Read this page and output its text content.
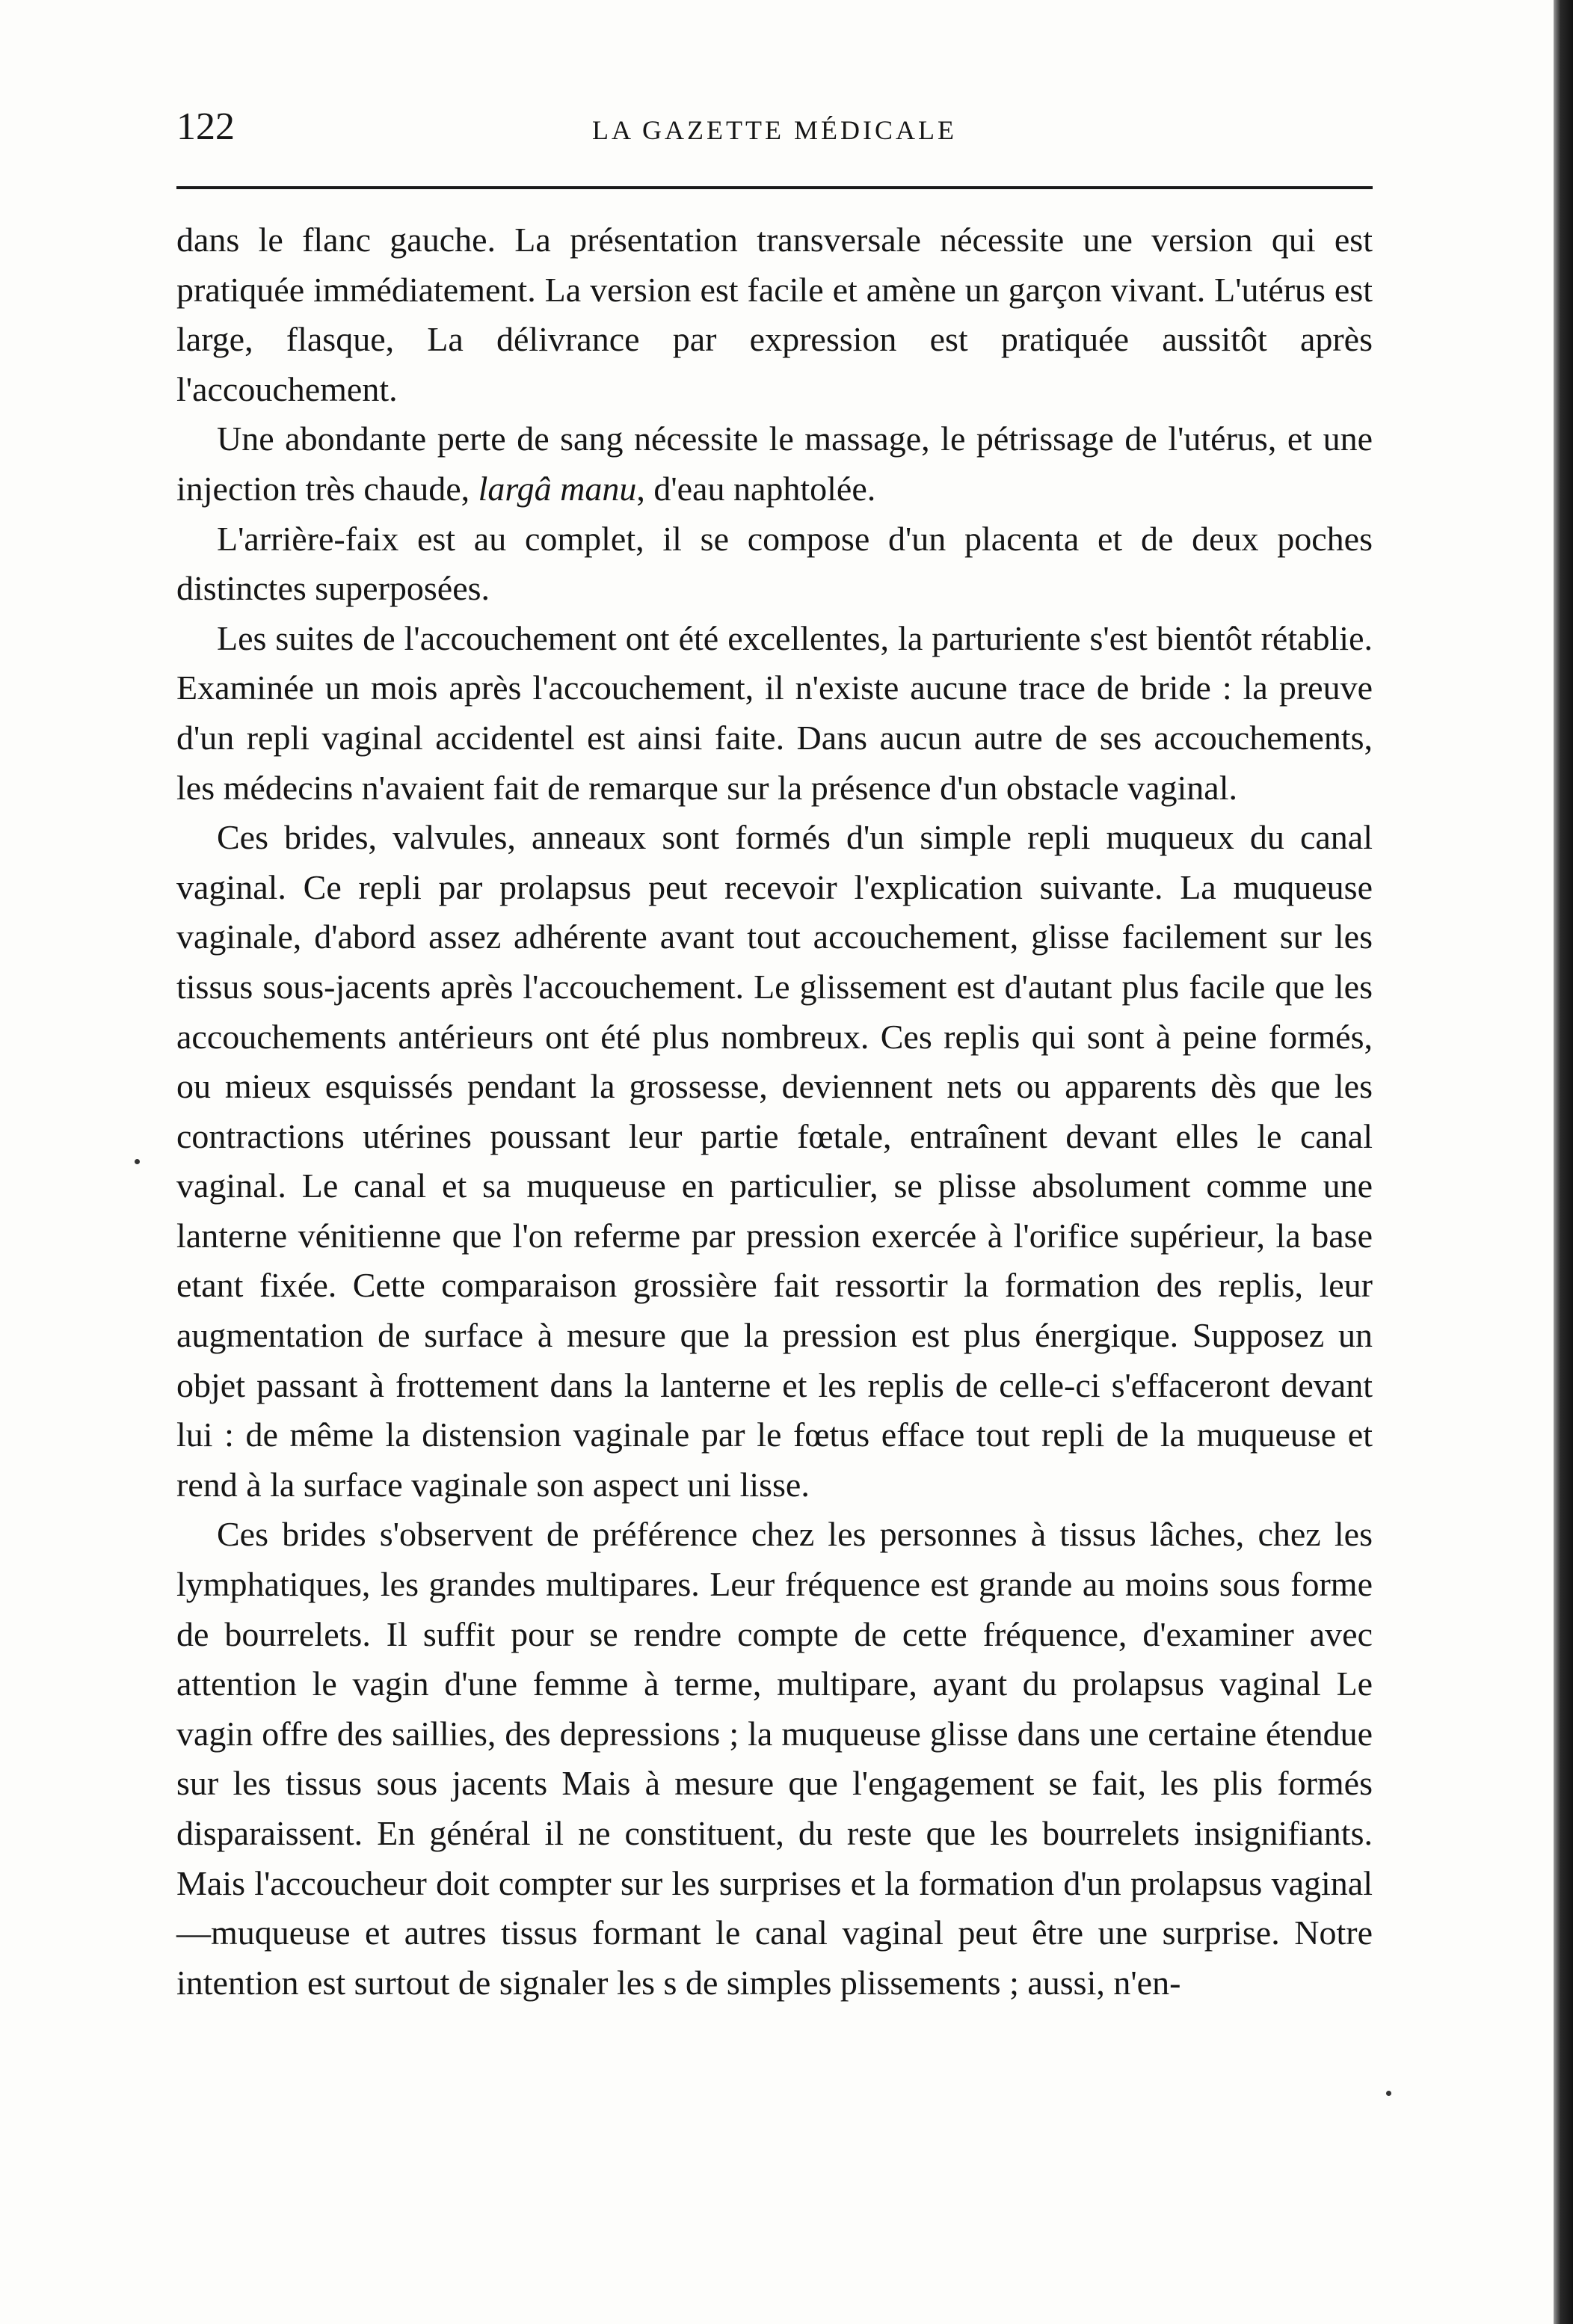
122	LA GAZETTE MÉDICALE

dans le flanc gauche. La présentation transversale nécessite une version qui est pratiquée immédiatement. La version est facile et amène un garçon vivant. L'utérus est large, flasque, La délivrance par expression est pratiquée aussitôt après l'accouchement.

Une abondante perte de sang nécessite le massage, le pétrissage de l'utérus, et une injection très chaude, largâ manu, d'eau naphtolée.

L'arrière-faix est au complet, il se compose d'un placenta et de deux poches distinctes superposées.

Les suites de l'accouchement ont été excellentes, la parturiente s'est bientôt rétablie. Examinée un mois après l'accouchement, il n'existe aucune trace de bride : la preuve d'un repli vaginal accidentel est ainsi faite. Dans aucun autre de ses accouchements, les médecins n'avaient fait de remarque sur la présence d'un obstacle vaginal.

Ces brides, valvules, anneaux sont formés d'un simple repli muqueux du canal vaginal. Ce repli par prolapsus peut recevoir l'explication suivante. La muqueuse vaginale, d'abord assez adhérente avant tout accouchement, glisse facilement sur les tissus sous-jacents après l'accouchement. Le glissement est d'autant plus facile que les accouchements antérieurs ont été plus nombreux. Ces replis qui sont à peine formés, ou mieux esquissés pendant la grossesse, deviennent nets ou apparents dès que les contractions utérines poussant leur partie fœtale, entraînent devant elles le canal vaginal. Le canal et sa muqueuse en particulier, se plisse absolument comme une lanterne vénitienne que l'on referme par pression exercée à l'orifice supérieur, la base etant fixée. Cette comparaison grossière fait ressortir la formation des replis, leur augmentation de surface à mesure que la pression est plus énergique. Supposez un objet passant à frottement dans la lanterne et les replis de celle-ci s'effaceront devant lui : de même la distension vaginale par le fœtus efface tout repli de la muqueuse et rend à la surface vaginale son aspect uni lisse.

Ces brides s'observent de préférence chez les personnes à tissus lâches, chez les lymphatiques, les grandes multipares. Leur fréquence est grande au moins sous forme de bourrelets. Il suffit pour se rendre compte de cette fréquence, d'examiner avec attention le vagin d'une femme à terme, multipare, ayant du prolapsus vaginal Le vagin offre des saillies, des depressions ; la muqueuse glisse dans une certaine étendue sur les tissus sous jacents Mais à mesure que l'engagement se fait, les plis formés disparaissent. En général il ne constituent, du reste que les bourrelets insignifiants. Mais l'accoucheur doit compter sur les surprises et la formation d'un prolapsus vaginal—muqueuse et autres tissus formant le canal vaginal peut être une surprise. Notre intention est surtout de signaler les s de simples plissements ; aussi, n'en-
